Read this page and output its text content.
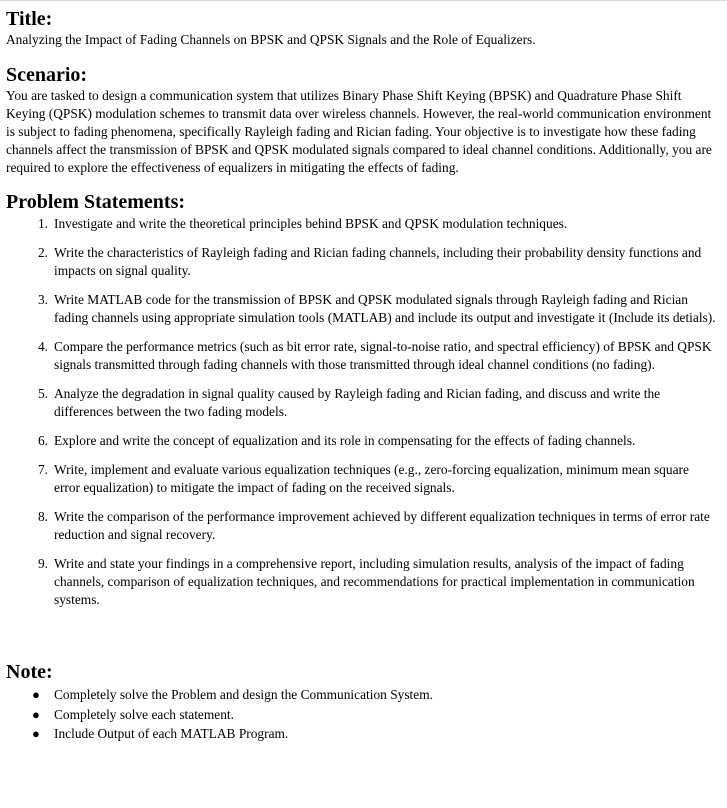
Title:

Analyzing the Impact of Fading Channels on BPSK and QPSK Signals and the Role of Equalizers.

Scenario:

You are tasked to design a communication system that utilizes Binary Phase Shift Keying (BPSK) and Quadrature Phase Shift Keying (QPSK) modulation schemes to transmit data over wireless channels. However, the real-world communication environment is subject to fading phenomena, specifically Rayleigh fading and Rician fading. Your objective is to investigate how these fading channels affect the transmission of BPSK and QPSK modulated signals compared to ideal channel conditions. Additionally, you are required to explore the effectiveness of equalizers in mitigating the effects of fading.

Problem Statements:
1. Investigate and write the theoretical principles behind BPSK and QPSK modulation techniques.
2. Write the characteristics of Rayleigh fading and Rician fading channels, including their probability density functions and impacts on signal quality.
3. Write MATLAB code for the transmission of BPSK and QPSK modulated signals through Rayleigh fading and Rician fading channels using appropriate simulation tools (MATLAB) and include its output and investigate it (Include its detials).
4. Compare the performance metrics (such as bit error rate, signal-to-noise ratio, and spectral efficiency) of BPSK and QPSK signals transmitted through fading channels with those transmitted through ideal channel conditions (no fading).
5. Analyze the degradation in signal quality caused by Rayleigh fading and Rician fading, and discuss and write the differences between the two fading models.
6. Explore and write the concept of equalization and its role in compensating for the effects of fading channels.
7. Write, implement and evaluate various equalization techniques (e.g., zero-forcing equalization, minimum mean square error equalization) to mitigate the impact of fading on the received signals.
8. Write the comparison of the performance improvement achieved by different equalization techniques in terms of error rate reduction and signal recovery.
9. Write and state your findings in a comprehensive report, including simulation results, analysis of the impact of fading channels, comparison of equalization techniques, and recommendations for practical implementation in communication systems.
Note:
● Completely solve the Problem and design the Communication System.
● Completely solve each statement.
● Include Output of each MATLAB Program.
